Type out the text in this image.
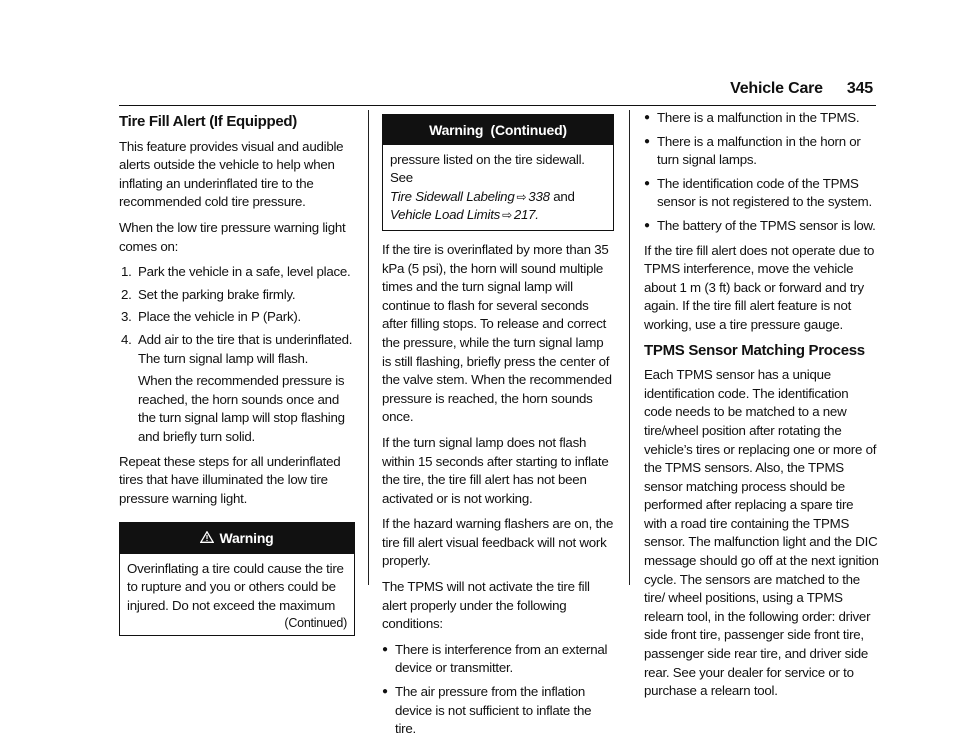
Vehicle Care 345
Tire Fill Alert (If Equipped)

This feature provides visual and audible alerts outside the vehicle to help when inflating an underinflated tire to the recommended cold tire pressure.

When the low tire pressure warning light comes on:

1. Park the vehicle in a safe, level place.
2. Set the parking brake firmly.
3. Place the vehicle in P (Park).
4. Add air to the tire that is underinflated. The turn signal lamp will flash.

When the recommended pressure is reached, the horn sounds once and the turn signal lamp will stop flashing and briefly turn solid.

Repeat these steps for all underinflated tires that have illuminated the low tire pressure warning light.

Warning
Overinflating a tire could cause the tire to rupture and you or others could be injured. Do not exceed the maximum
(Continued)
Warning  (Continued)
pressure listed on the tire sidewall. See
Tire Sidewall Labeling ⇨ 338 and
Vehicle Load Limits ⇨ 217.

If the tire is overinflated by more than 35 kPa (5 psi), the horn will sound multiple times and the turn signal lamp will continue to flash for several seconds after filling stops. To release and correct the pressure, while the turn signal lamp is still flashing, briefly press the center of the valve stem. When the recommended pressure is reached, the horn sounds once.

If the turn signal lamp does not flash within 15 seconds after starting to inflate the tire, the tire fill alert has not been activated or is not working.

If the hazard warning flashers are on, the tire fill alert visual feedback will not work properly.

The TPMS will not activate the tire fill alert properly under the following conditions:

● There is interference from an external device or transmitter.
● The air pressure from the inflation device is not sufficient to inflate the tire.
● There is a malfunction in the TPMS.
● There is a malfunction in the horn or turn signal lamps.
● The identification code of the TPMS sensor is not registered to the system.
● The battery of the TPMS sensor is low.

If the tire fill alert does not operate due to TPMS interference, move the vehicle about 1 m (3 ft) back or forward and try again. If the tire fill alert feature is not working, use a tire pressure gauge.

TPMS Sensor Matching Process

Each TPMS sensor has a unique identification code. The identification code needs to be matched to a new tire/wheel position after rotating the vehicle’s tires or replacing one or more of the TPMS sensors. Also, the TPMS sensor matching process should be performed after replacing a spare tire with a road tire containing the TPMS sensor. The malfunction light and the DIC message should go off at the next ignition cycle. The sensors are matched to the tire/ wheel positions, using a TPMS relearn tool, in the following order: driver side front tire, passenger side front tire, passenger side rear tire, and driver side rear. See your dealer for service or to purchase a relearn tool.
